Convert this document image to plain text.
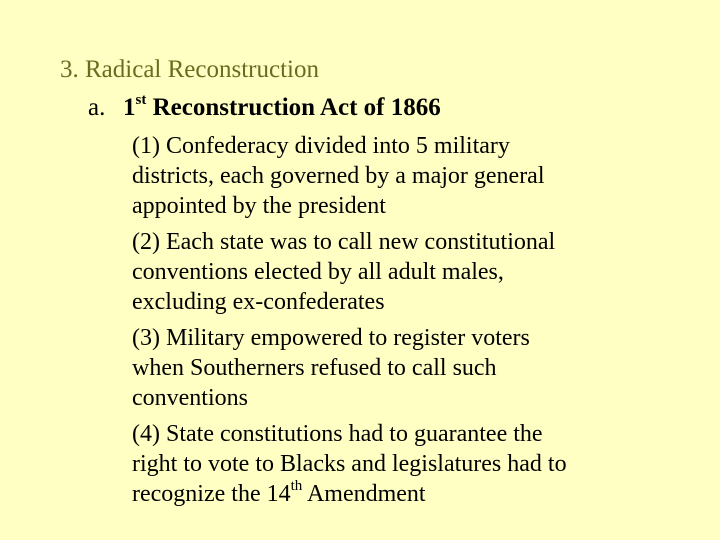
3. Radical Reconstruction
a. 1st Reconstruction Act of 1866
(1) Confederacy divided into 5 military
districts, each governed by a major general
appointed by the president
(2) Each state was to call new constitutional
conventions elected by all adult males,
excluding ex-confederates
(3) Military empowered to register voters
when Southerners refused to call such
conventions
(4) State constitutions had to guarantee the
right to vote to Blacks and legislatures had to
recognize the 14th Amendment
